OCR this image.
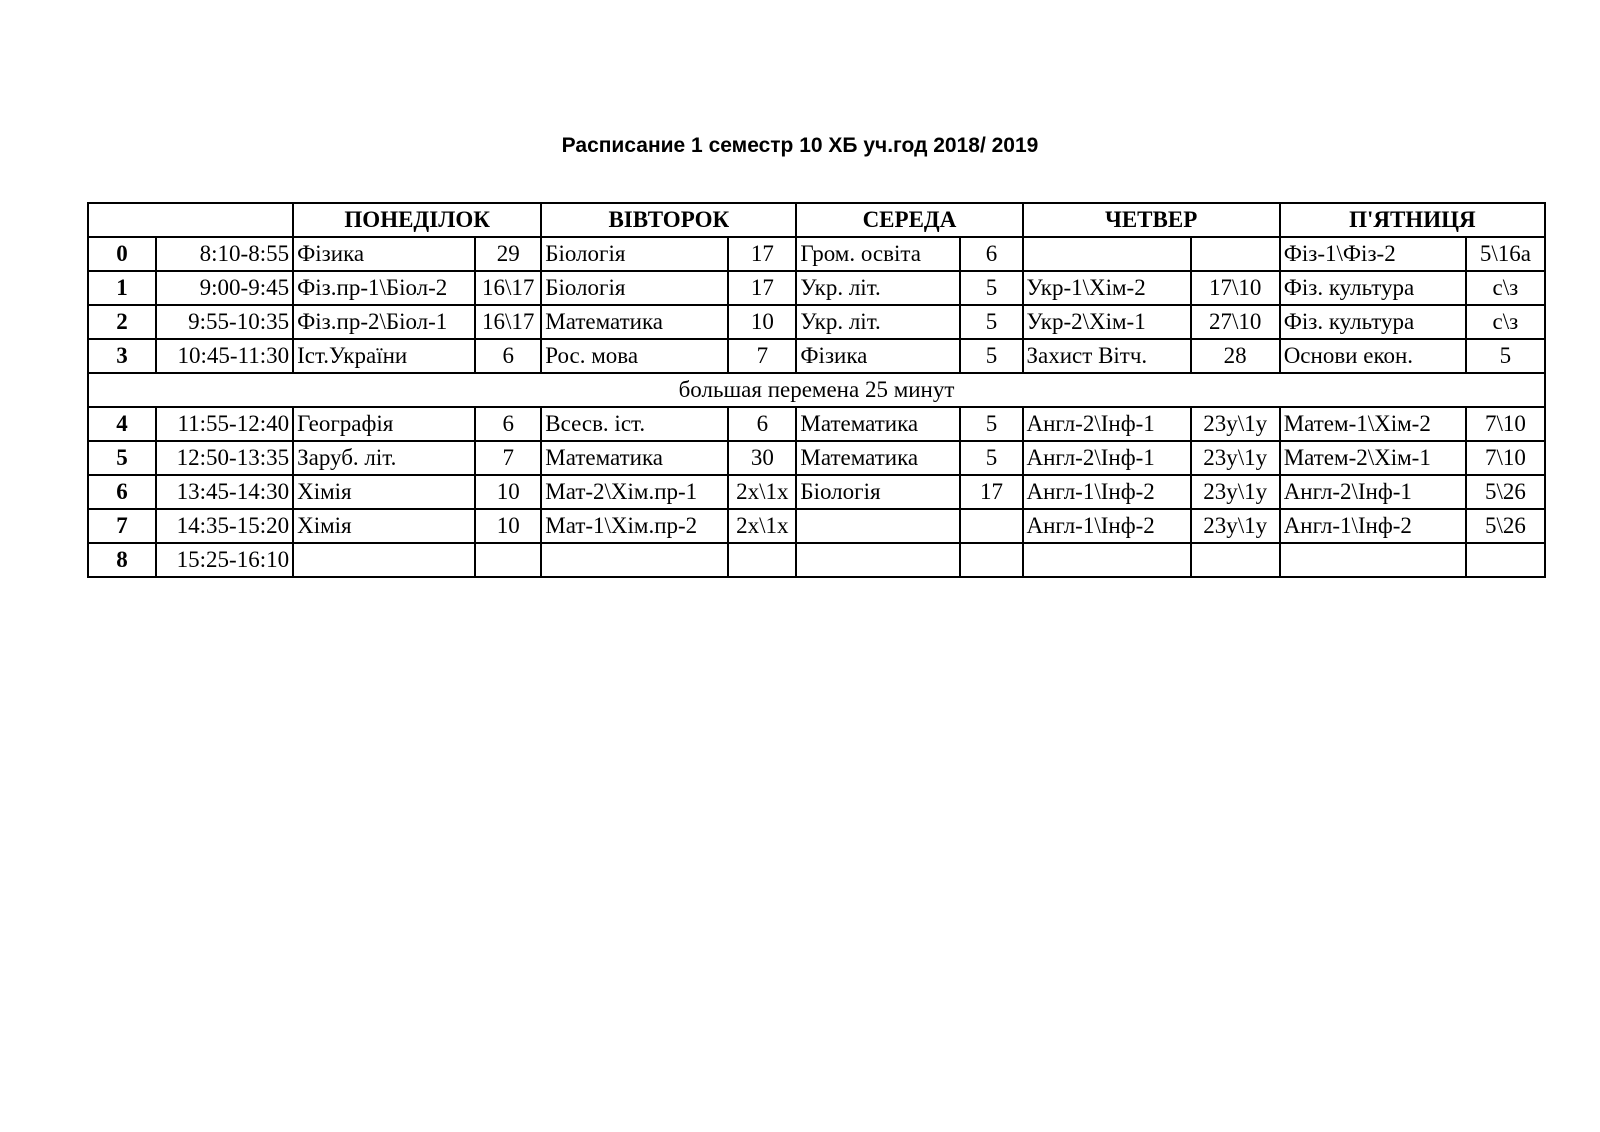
Расписание 1 семестр 10 ХБ уч.год 2018/ 2019
		ПОНЕДІЛОК		ВІВТОРОК		СЕРЕДА		ЧЕТВЕР		П'ЯТНИЦЯ	
0	8:10-8:55	Фізика	29	Біологія	17	Гром. освіта	6			Фіз-1\Фіз-2	5\16а
1	9:00-9:45	Фіз.пр-1\Біол-2	16\17	Біологія	17	Укр. літ.	5	Укр-1\Хім-2	17\10	Фіз. культура	с\з
2	9:55-10:35	Фіз.пр-2\Біол-1	16\17	Математика	10	Укр. літ.	5	Укр-2\Хім-1	27\10	Фіз. культура	с\з
3	10:45-11:30	Іст.України	6	Рос. мова	7	Фізика	5	Захист Вітч.	28	Основи екон.	5
большая перемена 25 минут											
4	11:55-12:40	Географія	6	Всесв. іст.	6	Математика	5	Англ-2\Інф-1	23у\1у	Матем-1\Хім-2	7\10
5	12:50-13:35	Заруб. літ.	7	Математика	30	Математика	5	Англ-2\Інф-1	23у\1у	Матем-2\Хім-1	7\10
6	13:45-14:30	Хімія	10	Мат-2\Хім.пр-1	2х\1х	Біологія	17	Англ-1\Інф-2	23у\1у	Англ-2\Інф-1	5\26
7	14:35-15:20	Хімія	10	Мат-1\Хім.пр-2	2х\1х			Англ-1\Інф-2	23у\1у	Англ-1\Інф-2	5\26
8	15:25-16:10										
